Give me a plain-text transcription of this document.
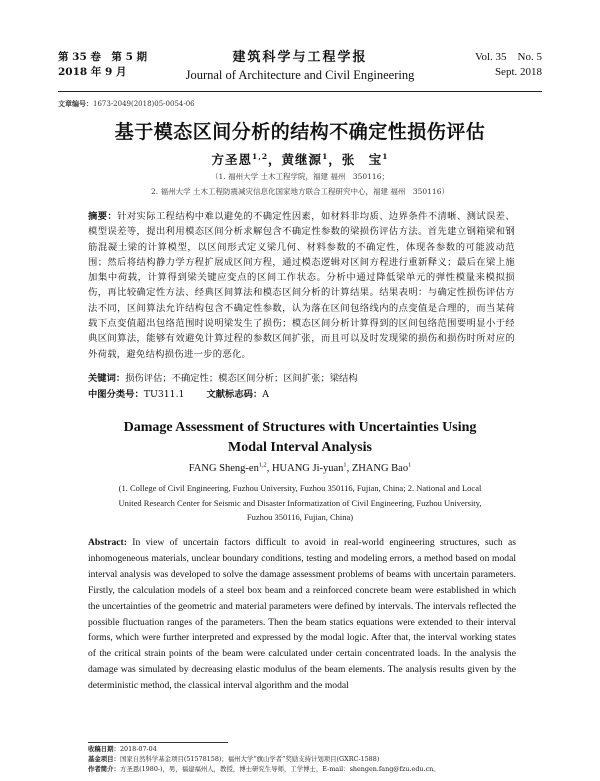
第 35 卷　第 5 期
2018 年 9 月
建筑科学与工程学报
Journal of Architecture and Civil Engineering
Vol. 35　No. 5
Sept. 2018
文章编号：1673-2049(2018)05-0054-06
基于模态区间分析的结构不确定性损伤评估
方圣恩$^{1,2}$，黄继源$^1$，张　宝$^1$
（1. 福州大学 土木工程学院，福建 福州　350116；
2. 福州大学 土木工程防震减灾信息化国家地方联合工程研究中心，福建 福州　350116）
摘要：针对实际工程结构中难以避免的不确定性因素，如材料非均质、边界条件不清晰、测试误差、模型误差等，提出利用模态区间分析求解包含不确定性参数的梁损伤评估方法。首先建立钢箱梁和钢筋混凝土梁的计算模型，以区间形式定义梁几何、材料参数的不确定性，体现各参数的可能波动范围；然后将结构静力学方程扩展成区间方程，通过模态逻辑对区间方程进行重新释义；最后在梁上施加集中荷载，计算得到梁关键应变点的区间工作状态。分析中通过降低梁单元的弹性模量来模拟损伤，再比较确定性方法、经典区间算法和模态区间分析的计算结果。结果表明：与确定性损伤评估方法不同，区间算法允许结构包含不确定性参数，认为落在区间包络线内的点变值是合理的，而当某荷载下点变值超出包络范围时说明梁发生了损伤；模态区间分析计算得到的区间包络范围要明显小于经典区间算法，能够有效避免计算过程的参数区间扩张，而且可以及时发现梁的损伤和损伤时所对应的外荷载，避免结构损伤进一步的恶化。
关键词：损伤评估；不确定性；模态区间分析；区间扩张；梁结构
中图分类号：TU311.1 文献标志码：A
Damage Assessment of Structures with Uncertainties Using
Modal Interval Analysis
FANG Sheng-en$^{1,2}$, HUANG Ji-yuan$^1$, ZHANG Bao$^1$
(1. College of Civil Engineering, Fuzhou University, Fuzhou 350116, Fujian, China; 2. National and Local
United Research Center for Seismic and Disaster Informatization of Civil Engineering, Fuzhou University,
Fuzhou 350116, Fujian, China)
Abstract: In view of uncertain factors difficult to avoid in real-world engineering structures, such as inhomogeneous materials, unclear boundary conditions, testing and modeling errors, a method based on modal interval analysis was developed to solve the damage assessment problems of beams with uncertain parameters. Firstly, the calculation models of a steel box beam and a reinforced concrete beam were established in which the uncertainties of the geometric and material parameters were defined by intervals. The intervals reflected the possible fluctuation ranges of the parameters. Then the beam statics equations were extended to their interval forms, which were further interpreted and expressed by the modal logic. After that, the interval working states of the critical strain points of the beam were calculated under certain concentrated loads. In the analysis the damage was simulated by decreasing elastic modulus of the beam elements. The analysis results given by the deterministic method, the classical interval algorithm and the modal
收稿日期：2018-07-04
基金项目：国家自然科学基金项目(51578158)；福州大学“旗山学者”奖励支持计划项目(GXRC-1588)
作者简介：方圣恩(1980-)，男，福建福州人，教授，博士研究生导师，工学博士，E-mail：shengen.fang@fzu.edu.cn。
